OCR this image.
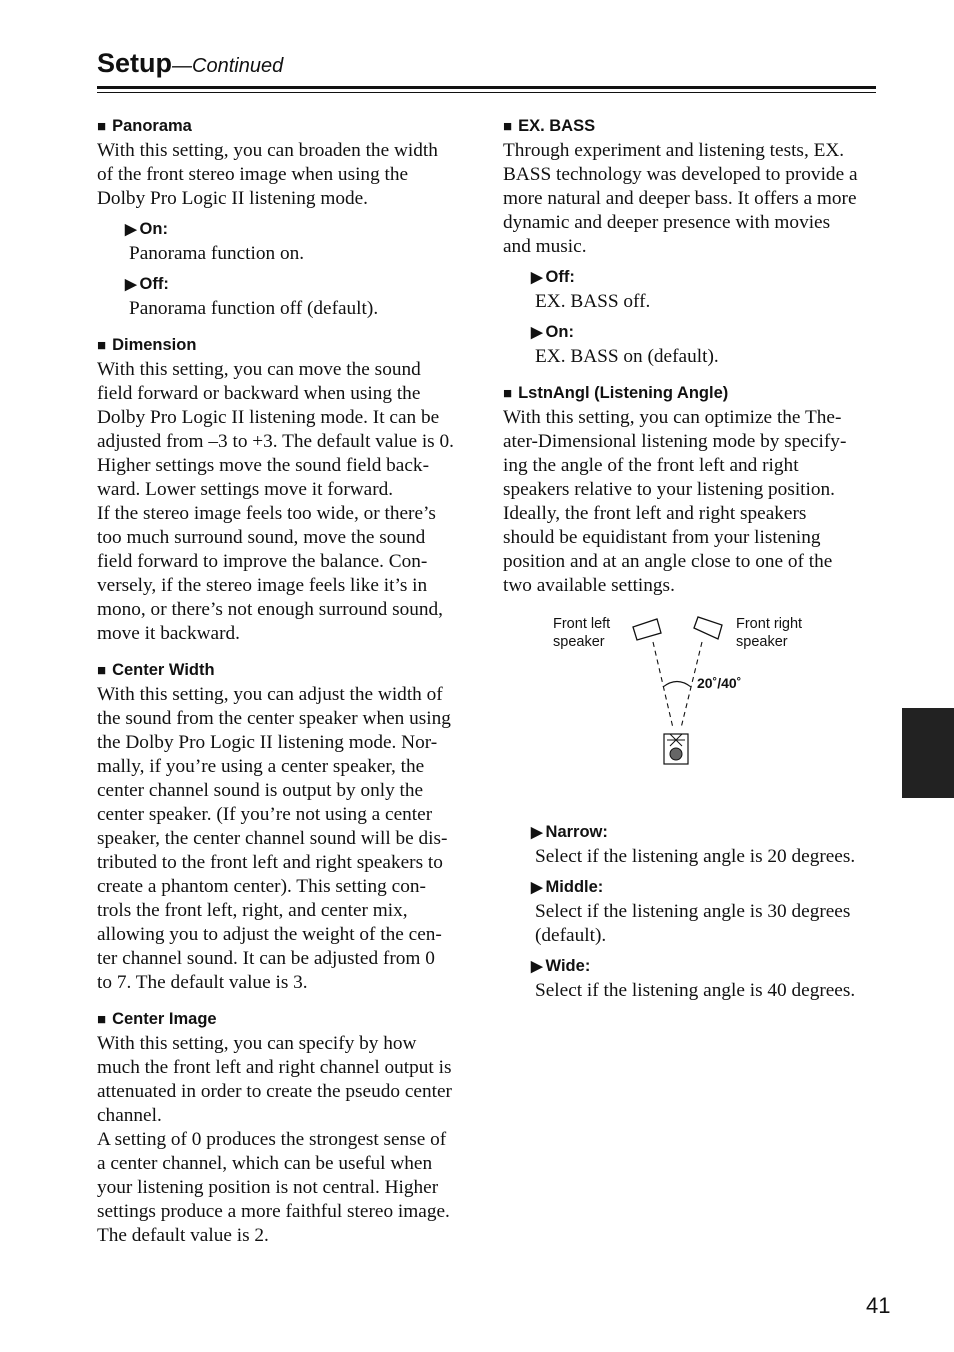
Setup—Continued

■ Panorama

With this setting, you can broaden the width

of the front stereo image when using the

Dolby Pro Logic II listening mode.

▶ On:

Panorama function on.

▶ Off:

Panorama function off (default).

■ Dimension

With this setting, you can move the sound

field forward or backward when using the

Dolby Pro Logic II listening mode. It can be

adjusted from –3 to +3. The default value is 0.

Higher settings move the sound field back-

ward. Lower settings move it forward.

If the stereo image feels too wide, or there’s

too much surround sound, move the sound

field forward to improve the balance. Con-

versely, if the stereo image feels like it’s in

mono, or there’s not enough surround sound,

move it backward.

■ Center Width

With this setting, you can adjust the width of

the sound from the center speaker when using

the Dolby Pro Logic II listening mode. Nor-

mally, if you’re using a center speaker, the

center channel sound is output by only the

center speaker. (If you’re not using a center

speaker, the center channel sound will be dis-

tributed to the front left and right speakers to

create a phantom center). This setting con-

trols the front left, right, and center mix,

allowing you to adjust the weight of the cen-

ter channel sound. It can be adjusted from 0

to 7. The default value is 3.

■ Center Image

With this setting, you can specify by how

much the front left and right channel output is

attenuated in order to create the pseudo center

channel.

A setting of 0 produces the strongest sense of

a center channel, which can be useful when

your listening position is not central. Higher

settings produce a more faithful stereo image.

The default value is 2.

■ EX. BASS

Through experiment and listening tests, EX.

BASS technology was developed to provide a

more natural and deeper bass. It offers a more

dynamic and deeper presence with movies

and music.

▶ Off:

EX. BASS off.

▶ On:

EX. BASS on (default).

■ LstnAngl (Listening Angle)

With this setting, you can optimize the The-

ater-Dimensional listening mode by specify-

ing the angle of the front left and right

speakers relative to your listening position.

Ideally, the front left and right speakers

should be equidistant from your listening

position and at an angle close to one of the

two available settings.

▶ Narrow:

Select if the listening angle is 20 degrees.

▶ Middle:

Select if the listening angle is 30 degrees

(default).

▶ Wide:

Select if the listening angle is 40 degrees.

Front left
speaker
Front right
speaker
20˚/40˚
41
